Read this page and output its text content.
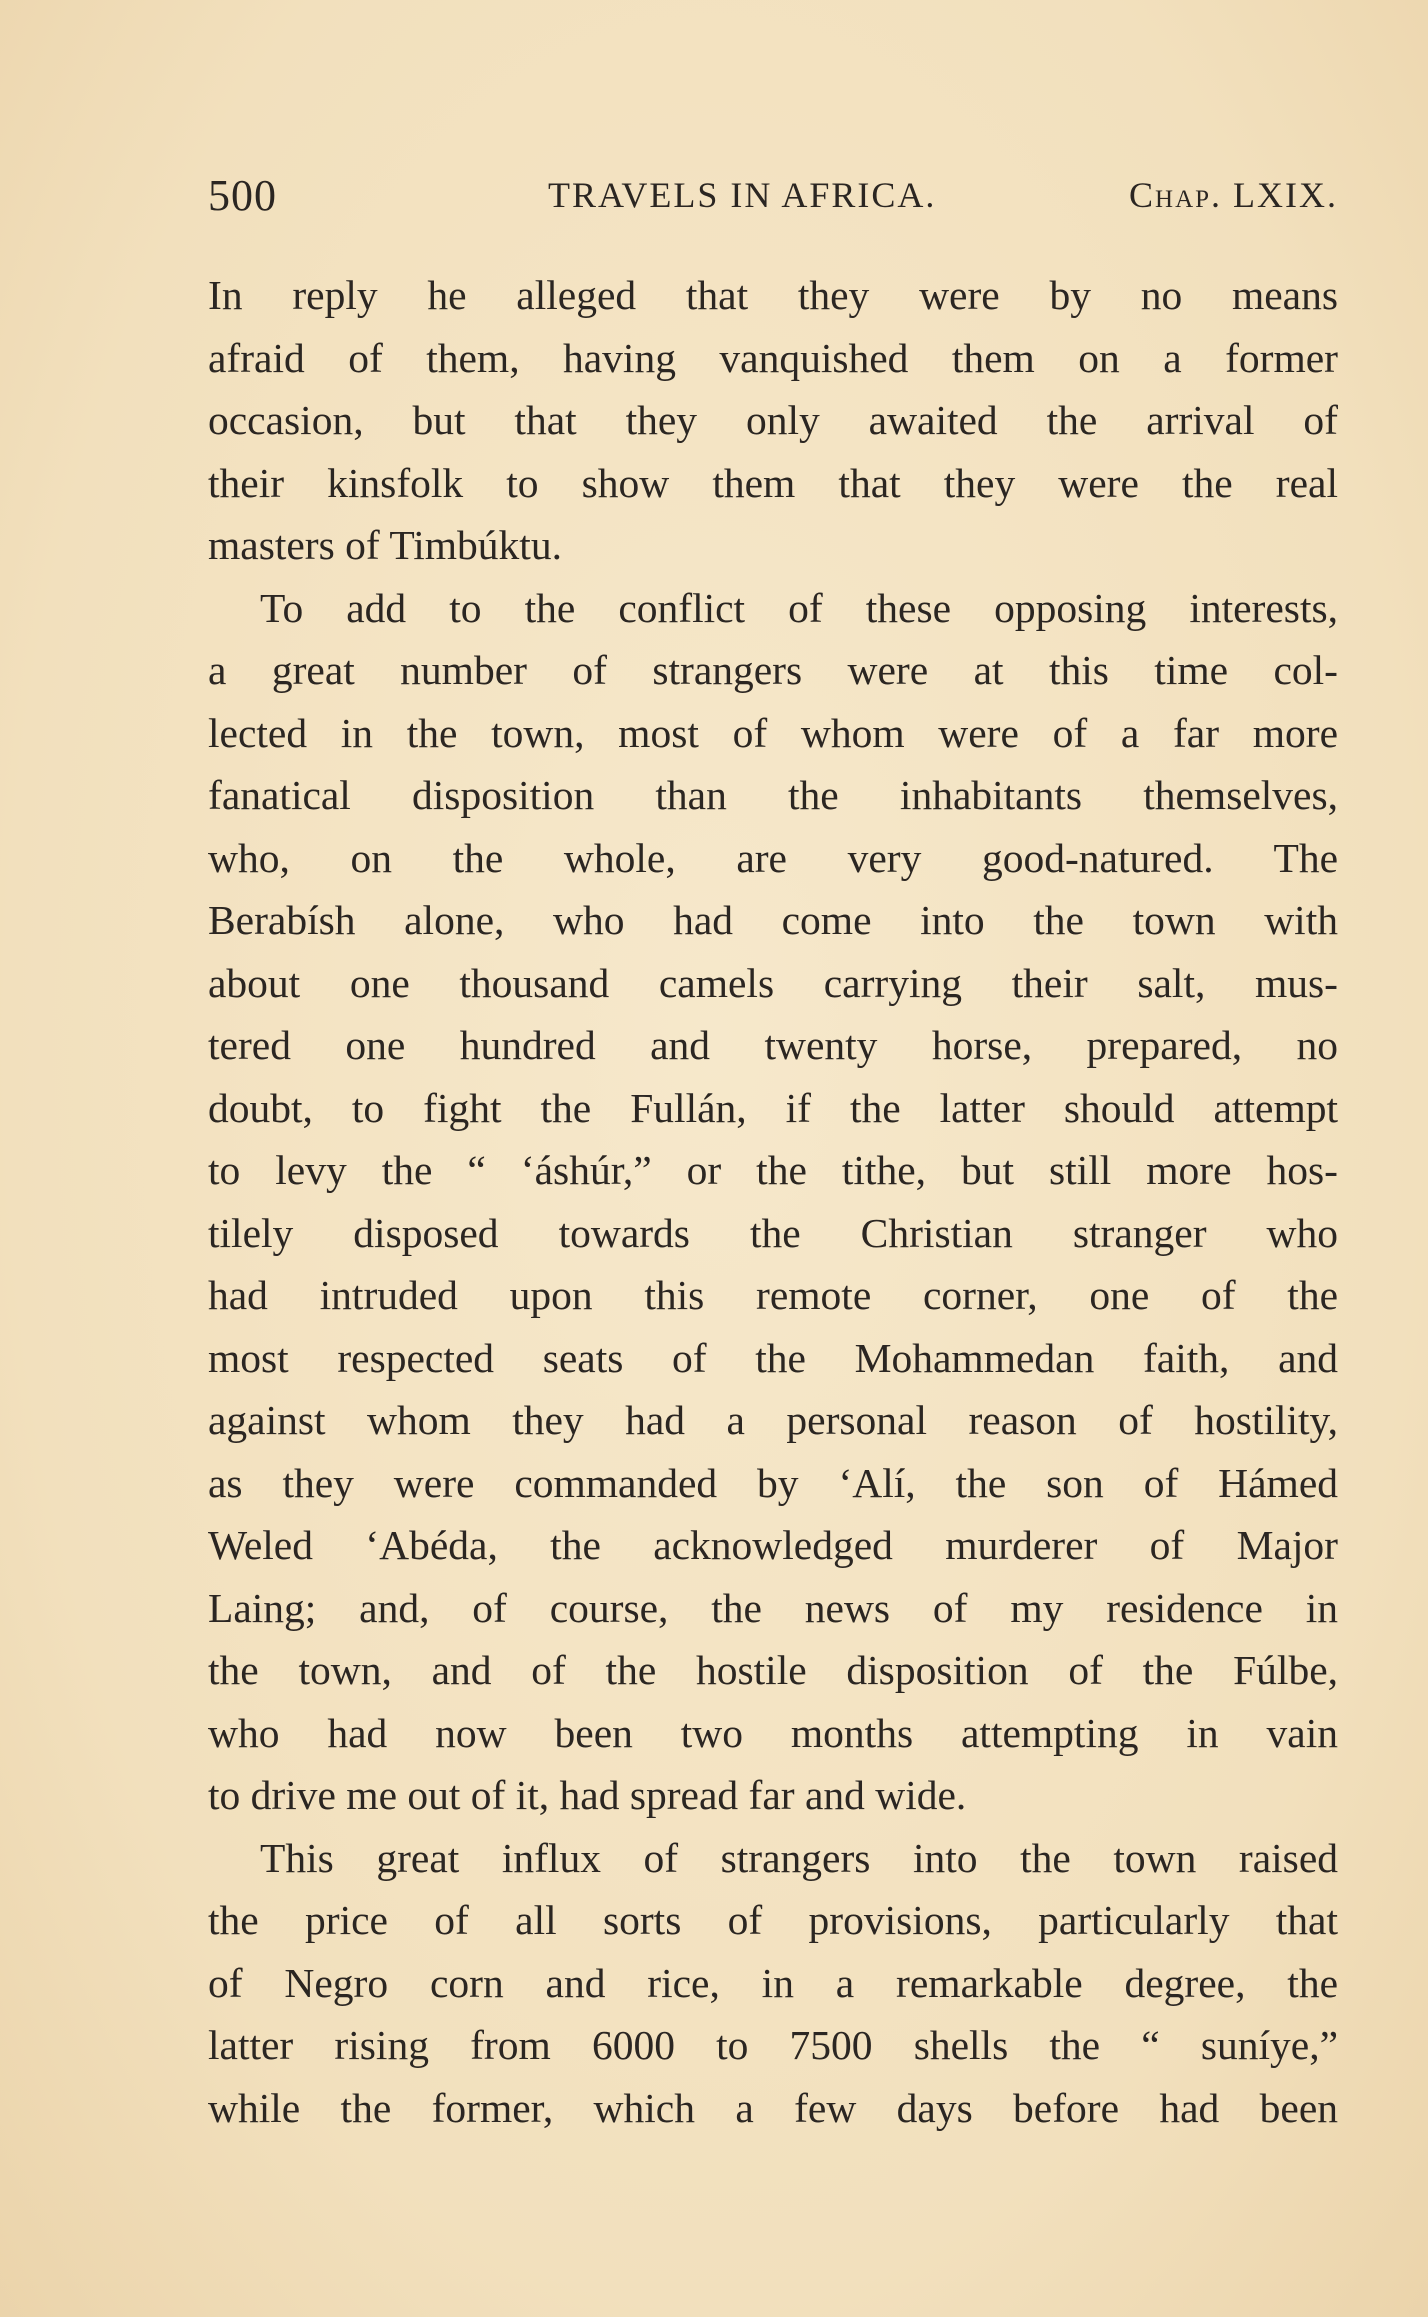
500	TRAVELS IN AFRICA.	Chap. LXIX.
In reply he alleged that they were by no means
afraid of them, having vanquished them on a former
occasion, but that they only awaited the arrival of
their kinsfolk to show them that they were the real
masters of Timbúktu.
To add to the conflict of these opposing interests,
a great number of strangers were at this time col-
lected in the town, most of whom were of a far more
fanatical disposition than the inhabitants themselves,
who, on the whole, are very good-natured. The
Berabísh alone, who had come into the town with
about one thousand camels carrying their salt, mus-
tered one hundred and twenty horse, prepared, no
doubt, to fight the Fullán, if the latter should attempt
to levy the “ ʻáshúr,” or the tithe, but still more hos-
tilely disposed towards the Christian stranger who
had intruded upon this remote corner, one of the
most respected seats of the Mohammedan faith, and
against whom they had a personal reason of hostility,
as they were commanded by ʻAlí, the son of Hámed
Weled ʻAbéda, the acknowledged murderer of Major
Laing; and, of course, the news of my residence in
the town, and of the hostile disposition of the Fúlbe,
who had now been two months attempting in vain
to drive me out of it, had spread far and wide.
This great influx of strangers into the town raised
the price of all sorts of provisions, particularly that
of Negro corn and rice, in a remarkable degree, the
latter rising from 6000 to 7500 shells the “ suníye,”
while the former, which a few days before had been
